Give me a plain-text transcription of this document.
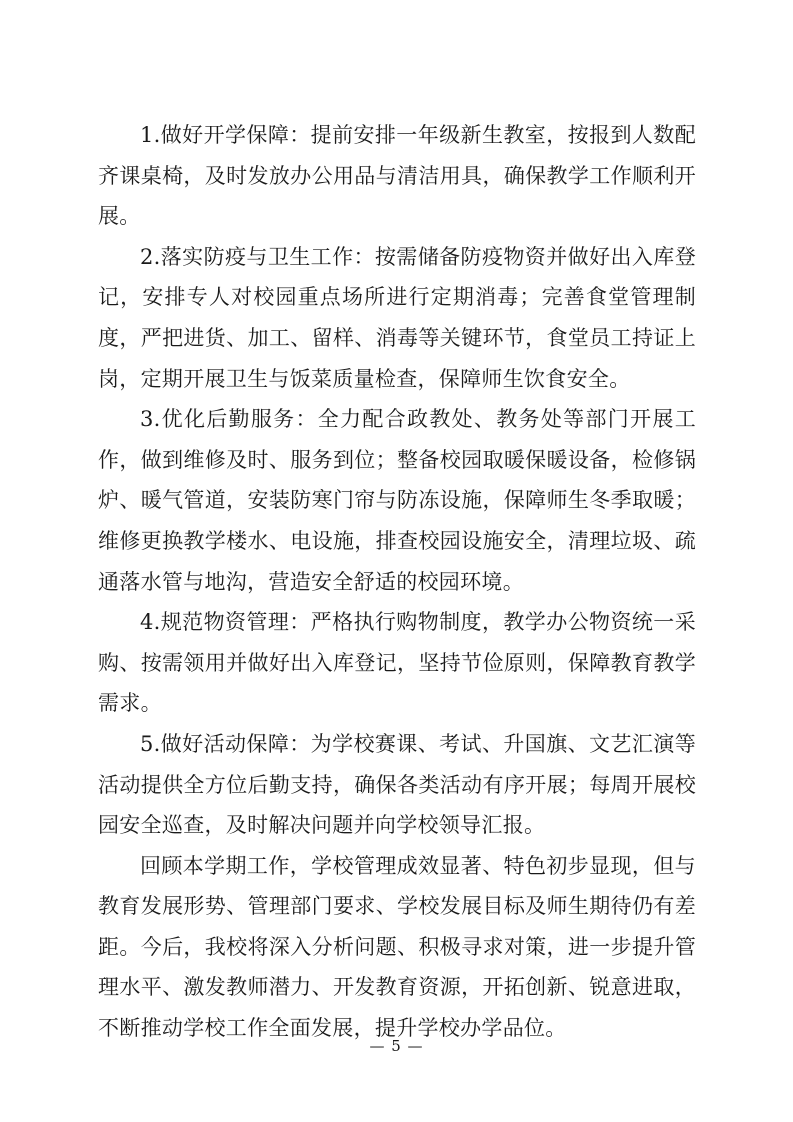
1.做好开学保障：提前安排一年级新生教室，按报到人数配齐课桌椅，及时发放办公用品与清洁用具，确保教学工作顺利开展。

2.落实防疫与卫生工作：按需储备防疫物资并做好出入库登记，安排专人对校园重点场所进行定期消毒；完善食堂管理制度，严把进货、加工、留样、消毒等关键环节，食堂员工持证上岗，定期开展卫生与饭菜质量检查，保障师生饮食安全。

3.优化后勤服务：全力配合政教处、教务处等部门开展工作，做到维修及时、服务到位；整备校园取暖保暖设备，检修锅炉、暖气管道，安装防寒门帘与防冻设施，保障师生冬季取暖；维修更换教学楼水、电设施，排查校园设施安全，清理垃圾、疏通落水管与地沟，营造安全舒适的校园环境。

4.规范物资管理：严格执行购物制度，教学办公物资统一采购、按需领用并做好出入库登记，坚持节俭原则，保障教育教学需求。

5.做好活动保障：为学校赛课、考试、升国旗、文艺汇演等活动提供全方位后勤支持，确保各类活动有序开展；每周开展校园安全巡查，及时解决问题并向学校领导汇报。

回顾本学期工作，学校管理成效显著、特色初步显现，但与教育发展形势、管理部门要求、学校发展目标及师生期待仍有差距。今后，我校将深入分析问题、积极寻求对策，进一步提升管理水平、激发教师潜力、开发教育资源，开拓创新、锐意进取，不断推动学校工作全面发展，提升学校办学品位。

— 5 —
